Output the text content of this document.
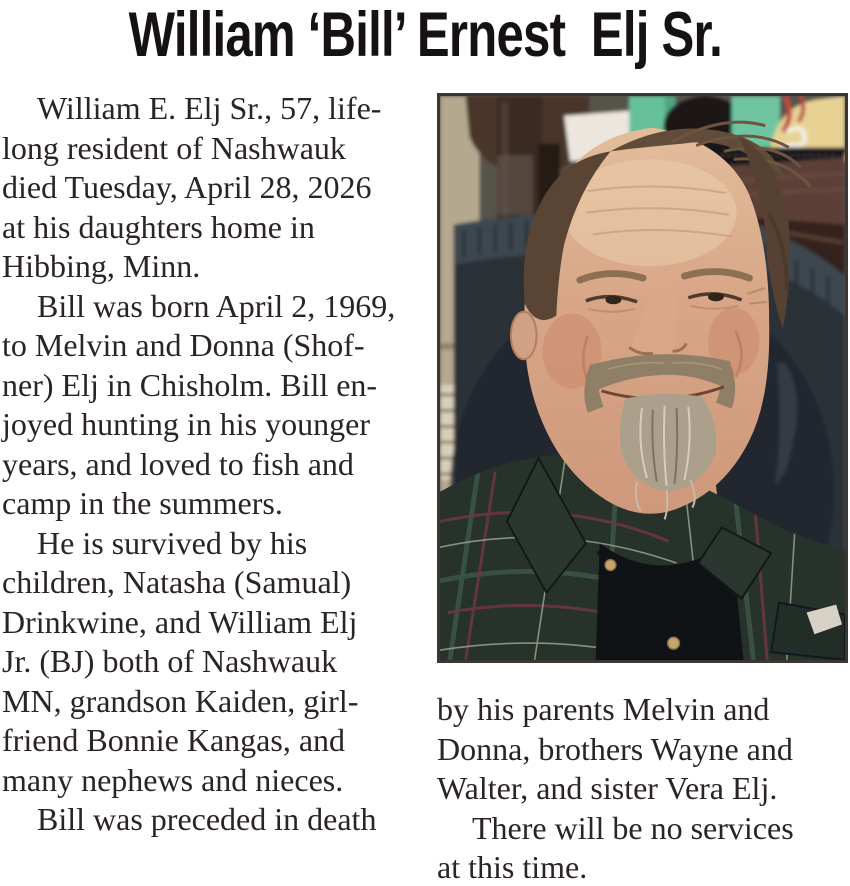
William ‘Bill’ Ernest  Elj Sr.
William E. Elj Sr., 57, life-
long resident of Nashwauk
died Tuesday, April 28, 2026
at his daughters home in
Hibbing, Minn.
Bill was born April 2, 1969,
to Melvin and Donna (Shof-
ner) Elj in Chisholm. Bill en-
joyed hunting in his younger
years, and loved to fish and
camp in the summers.
He is survived by his
children, Natasha (Samual)
Drinkwine, and William Elj
Jr. (BJ) both of Nashwauk
MN, grandson Kaiden, girl-
friend Bonnie Kangas, and
many nephews and nieces.
Bill was preceded in death
by his parents Melvin and
Donna, brothers Wayne and
Walter, and sister Vera Elj.
There will be no services
at this time.
